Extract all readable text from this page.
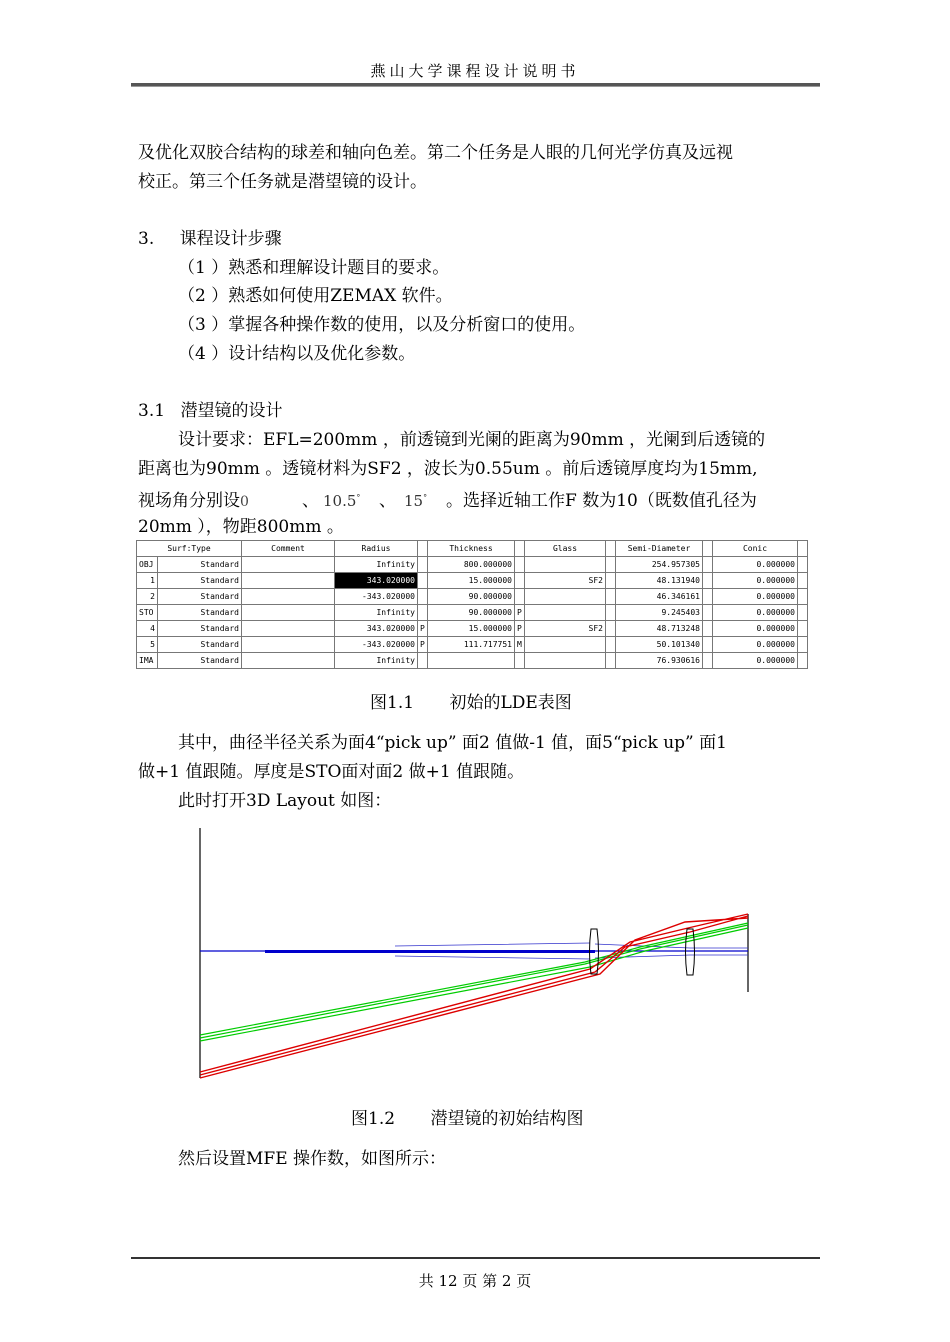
燕山大学课程设计说明书
及优化双胶合结构的球差和轴向色差。第二个任务是人眼的几何光学仿真及远视
校正。第三个任务就是潜望镜的设计。
3. 课程设计步骤
（1 ）熟悉和理解设计题目的要求。
（2 ）熟悉如何使用ZEMAX 软件。
（3 ）掌握各种操作数的使用，以及分析窗口的使用。
（4 ）设计结构以及优化参数。
3.1 潜望镜的设计
设计要求：EFL=200mm ，前透镜到光阑的距离为90mm ，光阑到后透镜的
距离也为90mm 。透镜材料为SF2 ，波长为0.55um 。前后透镜厚度均为15mm,
视场角分别设0	、 10.5° 、 15° 。选择近轴工作F 数为10（既数值孔径为
20mm ），物距800mm 。
Surf:Type		Comment	Radius		Thickness		Glass		Semi-Diameter		Conic	
OBJ	Standard		Infinity		800.000000				254.957305		0.000000	
1	Standard		343.020000		15.000000		SF2		48.131940		0.000000	
2	Standard		-343.020000		90.000000				46.346161		0.000000	
STO	Standard		Infinity		90.000000	P			9.245403		0.000000	
4	Standard		343.020000	P	15.000000	P	SF2		48.713248		0.000000	
5	Standard		-343.020000	P	111.717751	M			50.101340		0.000000	
IMA	Standard		Infinity						76.930616		0.000000	
图1.1 初始的LDE表图
其中，曲径半径关系为面4“pick up” 面2 值做-1 值，面5“pick up” 面1
做+1 值跟随。厚度是STO面对面2 做+1 值跟随。
此时打开3D Layout 如图：
图1.2 潜望镜的初始结构图
然后设置MFE 操作数，如图所示：
共 12 页 第 2 页
